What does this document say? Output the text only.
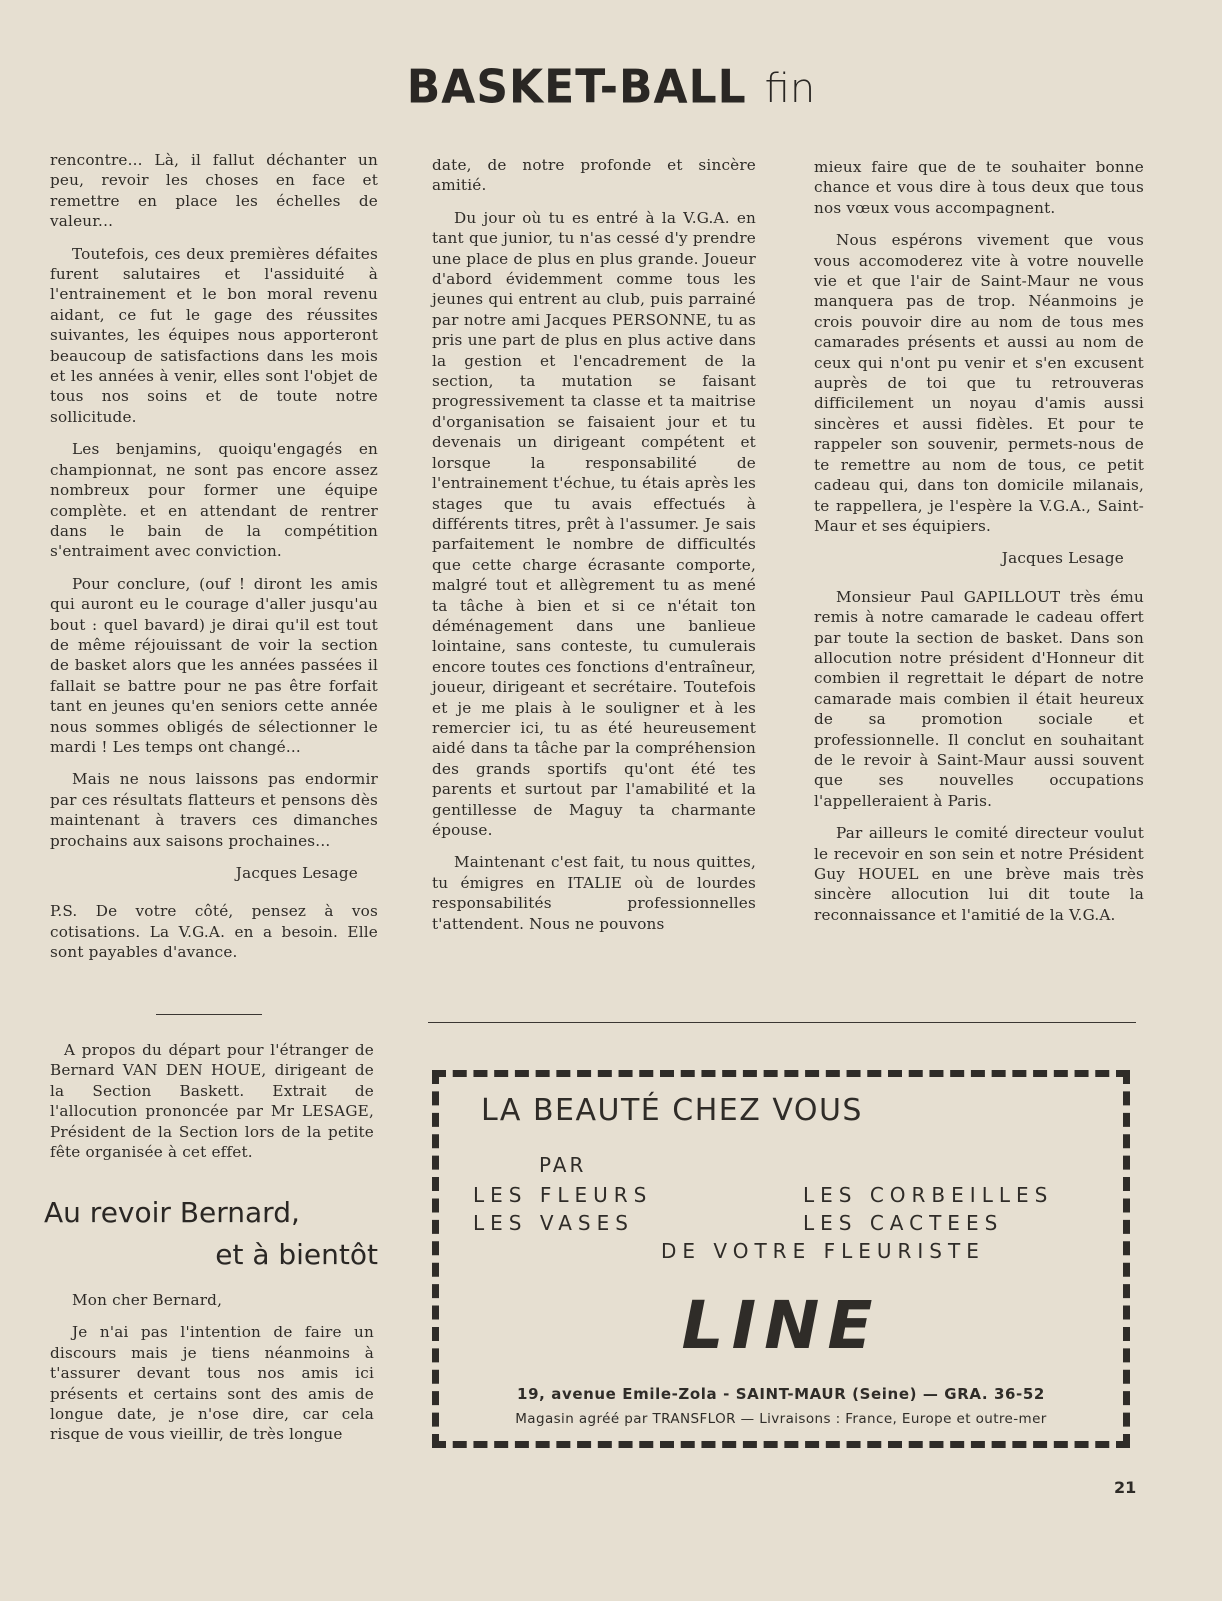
BASKET-BALL fin

rencontre... Là, il fallut déchanter un peu, revoir les choses en face et remettre en place les échelles de valeur...

Toutefois, ces deux premières défaites furent salutaires et l'assiduité à l'entrainement et le bon moral revenu aidant, ce fut le gage des réussites suivantes, les équipes nous apporteront beaucoup de satisfactions dans les mois et les années à venir, elles sont l'objet de tous nos soins et de toute notre sollicitude.

Les benjamins, quoiqu'engagés en championnat, ne sont pas encore assez nombreux pour former une équipe complète. et en attendant de rentrer dans le bain de la compétition s'entraiment avec conviction.

Pour conclure, (ouf ! diront les amis qui auront eu le courage d'aller jusqu'au bout : quel bavard) je dirai qu'il est tout de même réjouissant de voir la section de basket alors que les années passées il fallait se battre pour ne pas être forfait tant en jeunes qu'en seniors cette année nous sommes obligés de sélectionner le mardi ! Les temps ont changé...

Mais ne nous laissons pas endormir par ces résultats flatteurs et pensons dès maintenant à travers ces dimanches prochains aux saisons prochaines...

Jacques Lesage

P.S. De votre côté, pensez à vos cotisations. La V.G.A. en a besoin. Elle sont payables d'avance.

date, de notre profonde et sincère amitié.

Du jour où tu es entré à la V.G.A. en tant que junior, tu n'as cessé d'y prendre une place de plus en plus grande. Joueur d'abord évidemment comme tous les jeunes qui entrent au club, puis parrainé par notre ami Jacques PERSONNE, tu as pris une part de plus en plus active dans la gestion et l'encadrement de la section, ta mutation se faisant progressivement ta classe et ta maitrise d'organisation se faisaient jour et tu devenais un dirigeant compétent et lorsque la responsabilité de l'entrainement t'échue, tu étais après les stages que tu avais effectués à différents titres, prêt à l'assumer. Je sais parfaitement le nombre de difficultés que cette charge écrasante comporte, malgré tout et allègrement tu as mené ta tâche à bien et si ce n'était ton déménagement dans une banlieue lointaine, sans conteste, tu cumulerais encore toutes ces fonctions d'entraîneur, joueur, dirigeant et secrétaire. Toutefois et je me plais à le souligner et à les remercier ici, tu as été heureusement aidé dans ta tâche par la compréhension des grands sportifs qu'ont été tes parents et surtout par l'amabilité et la gentillesse de Maguy ta charmante épouse.

Maintenant c'est fait, tu nous quittes, tu émigres en ITALIE où de lourdes responsabilités professionnelles t'attendent. Nous ne pouvons

mieux faire que de te souhaiter bonne chance et vous dire à tous deux que tous nos vœux vous accompagnent.

Nous espérons vivement que vous vous accomoderez vite à votre nouvelle vie et que l'air de Saint-Maur ne vous manquera pas de trop. Néanmoins je crois pouvoir dire au nom de tous mes camarades présents et aussi au nom de ceux qui n'ont pu venir et s'en excusent auprès de toi que tu retrouveras difficilement un noyau d'amis aussi sincères et aussi fidèles. Et pour te rappeler son souvenir, permets-nous de te remettre au nom de tous, ce petit cadeau qui, dans ton domicile milanais, te rappellera, je l'espère la V.G.A., Saint-Maur et ses équipiers.

Jacques Lesage

Monsieur Paul GAPILLOUT très ému remis à notre camarade le cadeau offert par toute la section de basket. Dans son allocution notre président d'Honneur dit combien il regrettait le départ de notre camarade mais combien il était heureux de sa promotion sociale et professionnelle. Il conclut en souhaitant de le revoir à Saint-Maur aussi souvent que ses nouvelles occupations l'appelleraient à Paris.

Par ailleurs le comité directeur voulut le recevoir en son sein et notre Président Guy HOUEL en une brève mais très sincère allocution lui dit toute la reconnaissance et l'amitié de la V.G.A.

A propos du départ pour l'étranger de Bernard VAN DEN HOUE, dirigeant de la Section Baskett. Extrait de l'allocution prononcée par Mr LESAGE, Président de la Section lors de la petite fête organisée à cet effet.

Au revoir Bernard,
et à bientôt

Mon cher Bernard,

Je n'ai pas l'intention de faire un discours mais je tiens néanmoins à t'assurer devant tous nos amis ici présents et certains sont des amis de longue date, je n'ose dire, car cela risque de vous vieillir, de très longue

LA BEAUTÉ CHEZ VOUS
PAR
LES FLEURS	LES CORBEILLES
LES VASES	LES CACTEES
DE VOTRE FLEURISTE
LINE
19, avenue Emile-Zola - SAINT-MAUR (Seine) — GRA. 36-52
Magasin agréé par TRANSFLOR — Livraisons : France, Europe et outre-mer
21
